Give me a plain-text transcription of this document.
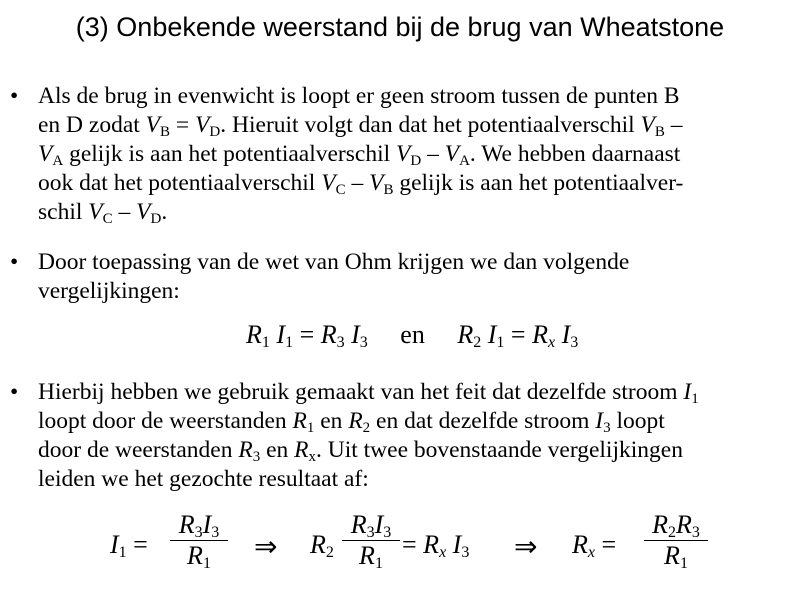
(3) Onbekende weerstand bij de brug van Wheatstone
• Als de brug in evenwicht is loopt er geen stroom tussen de punten B
en D zodat $V_B = V_D$. Hieruit volgt dan dat het potentiaalverschil $V_B$ –
$V_A$ gelijk is aan het potentiaalverschil $V_D - V_A$. We hebben daarnaast
ook dat het potentiaalverschil $V_C - V_B$ gelijk is aan het potentiaalver-
schil $V_C - V_D$.
• Door toepassing van de wet van Ohm krijgen we dan volgende
vergelijkingen:
$R_1$ $I_1 = R_3$ $I_3$ en $R_2$ $I_1 = R_x$ $I_3$
• Hierbij hebben we gebruik gemaakt van het feit dat dezelfde stroom $I_1$
loopt door de weerstanden $R_1$ en $R_2$ en dat dezelfde stroom $I_3$ loopt
door de weerstanden $R_3$ en $R_x$. Uit twee bovenstaande vergelijkingen
leiden we het gezochte resultaat af:
$I_1$ =
$R_3I_3$
$R_1$
⇒ $R_2$
$R_3I_3$
$R_1$
= $R_x$ $I_3$ ⇒ $R_x$ =
$R_2R_3$
$R_1$
